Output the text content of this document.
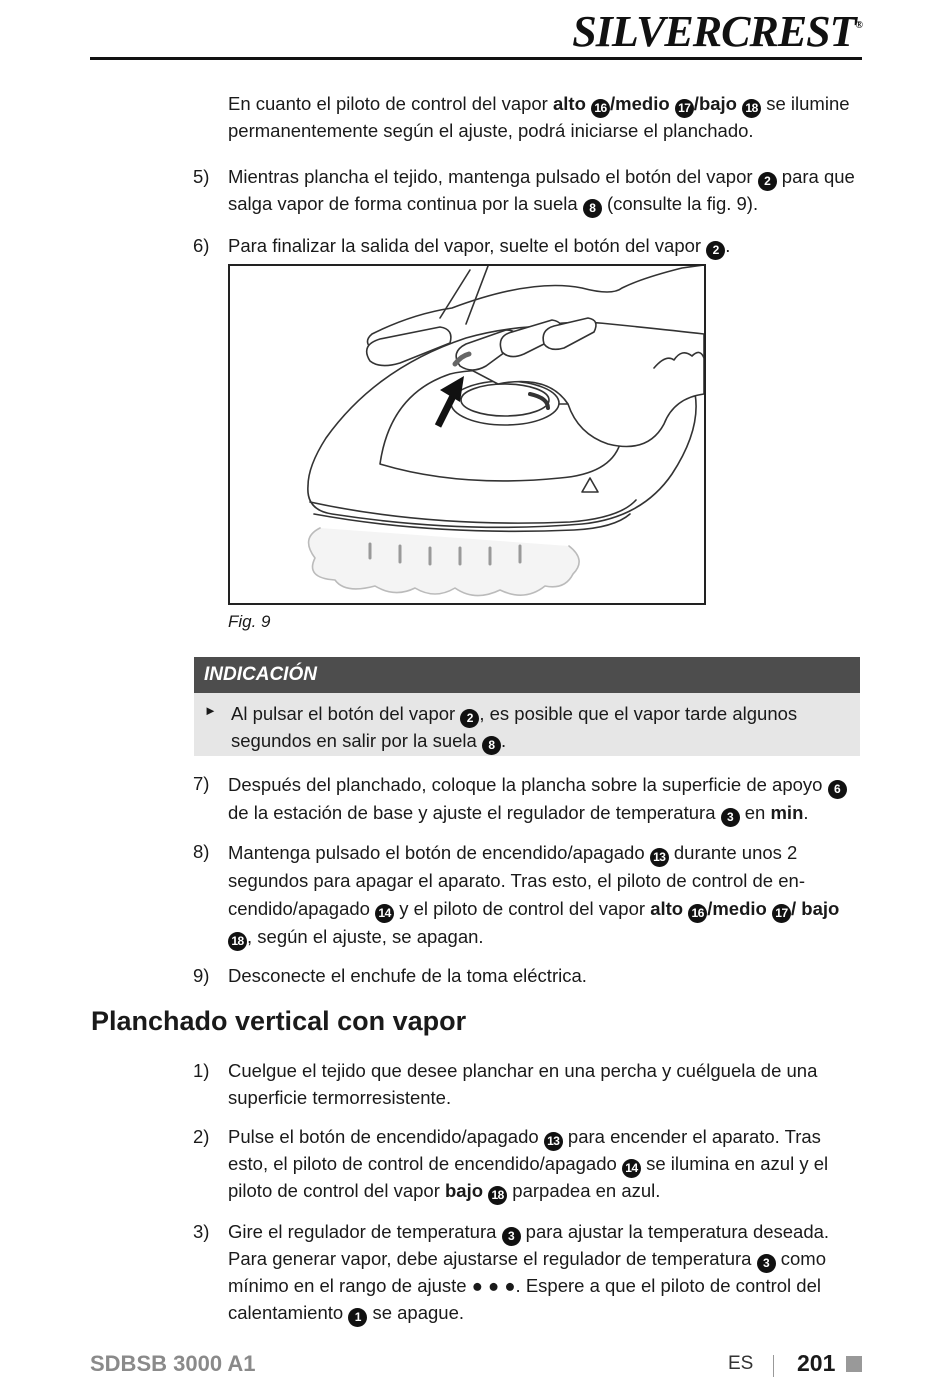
SILVERCREST®
En cuanto el piloto de control del vapor alto 16 /medio 17 /bajo 18 se ilumine permanentemente según el ajuste, podrá iniciarse el planchado.
5) Mientras plancha el tejido, mantenga pulsado el botón del vapor 2 para que salga vapor de forma continua por la suela 8 (consulte la fig. 9).
6) Para finalizar la salida del vapor, suelte el botón del vapor 2 .
Fig. 9
INDICACIÓN
► Al pulsar el botón del vapor 2 , es posible que el vapor tarde algunos segundos en salir por la suela 8 .
7) Después del planchado, coloque la plancha sobre la superficie de apoyo 6 de la estación de base y ajuste el regulador de temperatura 3 en min.
8) Mantenga pulsado el botón de encendido/apagado 13 durante unos 2 segundos para apagar el aparato. Tras esto, el piloto de control de encendido/apagado 14 y el piloto de control del vapor alto 16 /medio 17 / bajo 18 , según el ajuste, se apagan.
9) Desconecte el enchufe de la toma eléctrica.
Planchado vertical con vapor
1) Cuelgue el tejido que desee planchar en una percha y cuélguela de una superficie termorresistente.
2) Pulse el botón de encendido/apagado 13 para encender el aparato. Tras esto, el piloto de control de encendido/apagado 14 se ilumina en azul y el piloto de control del vapor bajo 18 parpadea en azul.
3) Gire el regulador de temperatura 3 para ajustar la temperatura deseada. Para generar vapor, debe ajustarse el regulador de temperatura 3 como mínimo en el rango de ajuste ● ● ●. Espere a que el piloto de control del calentamiento 1 se apague.
SDBSB 3000 A1	ES 201
